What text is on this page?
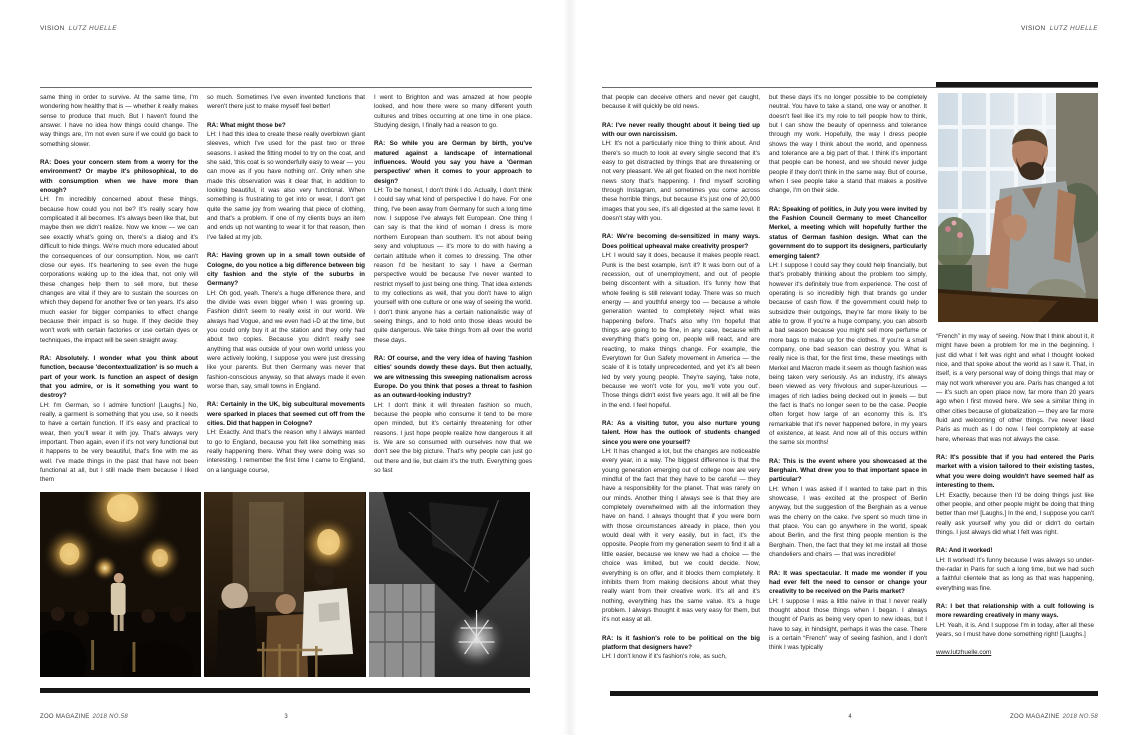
VISION LUTZ HUELLE

same thing in order to survive. At the same time, I'm wondering how healthy that is — whether it really makes sense to produce that much. But I haven't found the answer. I have no idea how things could change. The way things are, I'm not even sure if we could go back to something slower.

RA: Does your concern stem from a worry for the environment? Or maybe it's philosophical, to do with consumption when we have more than enough?

LH: I'm incredibly concerned about these things, because how could you not be? It's really scary how complicated it all becomes. It's always been like that, but maybe then we didn't realize. Now we know — we can see exactly what's going on, there's a dialog and it's difficult to hide things. We're much more educated about the consequences of our consumption. Now, we can't close our eyes. It's heartening to see even the huge corporations waking up to the idea that, not only will these changes help them to sell more, but these changes are vital if they are to sustain the sources on which they depend for another five or ten years. It's also much easier for bigger companies to effect change because their impact is so huge. If they decide they won't work with certain factories or use certain dyes or techniques, the impact will be seen straight away.

RA: Absolutely. I wonder what you think about function, because 'decontextualization' is so much a part of your work. Is function an aspect of design that you admire, or is it something you want to destroy?

LH: I'm German, so I admire function! [Laughs.] No, really, a garment is something that you use, so it needs to have a certain function. If it's easy and practical to wear, then you'll wear it with joy. That's always very important. Then again, even if it's not very functional but it happens to be very beautiful, that's fine with me as well. I've made things in the past that have not been functional at all, but I still made them because I liked them

so much. Sometimes I've even invented functions that weren't there just to make myself feel better!

RA: What might those be?

LH: I had this idea to create these really overblown giant sleeves, which I've used for the past two or three seasons. I asked the fitting model to try on the coat, and she said, 'this coat is so wonderfully easy to wear — you can move as if you have nothing on'. Only when she made this observation was it clear that, in addition to looking beautiful, it was also very functional. When something is frustrating to get into or wear, I don't get quite the same joy from wearing that piece of clothing, and that's a problem. If one of my clients buys an item and ends up not wanting to wear it for that reason, then I've failed at my job.

RA: Having grown up in a small town outside of Cologne, do you notice a big difference between big city fashion and the style of the suburbs in Germany?

LH: Oh god, yeah. There's a huge difference there, and the divide was even bigger when I was growing up. Fashion didn't seem to really exist in our world. We always had Vogue, and we even had i-D at the time, but you could only buy it at the station and they only had about two copies. Because you didn't really see anything that was outside of your own world unless you were actively looking, I suppose you were just dressing like your parents. But then Germany was never that fashion-conscious anyway, so that always made it even worse than, say, small towns in England.

RA: Certainly in the UK, big subcultural movements were sparked in places that seemed cut off from the cities. Did that happen in Cologne?

LH: Exactly. And that's the reason why I always wanted to go to England, because you felt like something was really happening there. What they were doing was so interesting. I remember the first time I came to England, on a language course,

I went to Brighton and was amazed at how people looked, and how there were so many different youth cultures and tribes occurring at one time in one place. Studying design, I finally had a reason to go.

RA: So while you are German by birth, you've matured against a landscape of international influences. Would you say you have a 'German perspective' when it comes to your approach to design?

LH: To be honest, I don't think I do. Actually, I don't think I could say what kind of perspective I do have. For one thing, I've been away from Germany for such a long time now. I suppose I've always felt European. One thing I can say is that the kind of woman I dress is more northern European than southern. It's not about being sexy and voluptuous — it's more to do with having a certain attitude when it comes to dressing. The other reason I'd be hesitant to say I have a German perspective would be because I've never wanted to restrict myself to just being one thing. That idea extends to my collections as well, that you don't have to align yourself with one culture or one way of seeing the world. I don't think anyone has a certain nationalistic way of seeing things, and to hold onto those ideas would be quite dangerous. We take things from all over the world these days.

RA: Of course, and the very idea of having 'fashion cities' sounds dowdy these days. But then actually, we are witnessing this sweeping nationalism across Europe. Do you think that poses a threat to fashion as an outward-looking industry?

LH: I don't think it will threaten fashion so much, because the people who consume it tend to be more open minded, but it's certainly threatening for other reasons. I just hope people realize how dangerous it all is. We are so consumed with ourselves now that we don't see the big picture. That's why people can just go out there and lie, but claim it's the truth. Everything goes so fast

ZOO MAGAZINE 2018 NO.58	3
VISION LUTZ HUELLE

that people can deceive others and never get caught, because it will quickly be old news.

RA: I've never really thought about it being tied up with our own narcissism.

LH: It's not a particularly nice thing to think about. And there's so much to look at every single second that it's easy to get distracted by things that are threatening or not very pleasant. We all get fixated on the next horrible news story that's happening. I find myself scrolling through Instagram, and sometimes you come across these horrible things, but because it's just one of 20,000 images that you see, it's all digested at the same level. It doesn't stay with you.

RA: We're becoming de-sensitized in many ways. Does political upheaval make creativity prosper?

LH: I would say it does, because it makes people react. Punk is the best example, isn't it? It was born out of a recession, out of unemployment, and out of people being discontent with a situation. It's funny how that whole feeling is still relevant today. There was so much energy — and youthful energy too — because a whole generation wanted to completely reject what was happening before. That's also why I'm hopeful that things are going to be fine, in any case, because with everything that's going on, people will react, and are reacting, to make things change. For example, the Everytown for Gun Safety movement in America — the scale of it is totally unprecedented, and yet it's all been led by very young people. They're saying, 'take note, because we won't vote for you, we'll vote you out'. Those things didn't exist five years ago. It will all be fine in the end. I feel hopeful.

RA: As a visiting tutor, you also nurture young talent. How has the outlook of students changed since you were one yourself?

LH: It has changed a lot, but the changes are noticeable every year, in a way. The biggest difference is that the young generation emerging out of college now are very mindful of the fact that they have to be careful — they have a responsibility for the planet. That was rarely on our minds. Another thing I always see is that they are completely overwhelmed with all the information they have on hand. I always thought that if you were born with those circumstances already in place, then you would deal with it very easily, but in fact, it's the opposite. People from my generation seem to find it all a little easier, because we knew we had a choice — the choice was limited, but we could decide. Now, everything is on offer, and it blocks them completely. It inhibits them from making decisions about what they really want from their creative work. It's all and it's nothing, everything has the same value. It's a huge problem. I always thought it was very easy for them, but it's not easy at all.

RA: Is it fashion's role to be political on the big platform that designers have?

LH: I don't know if it's fashion's role, as such,

but these days it's no longer possible to be completely neutral. You have to take a stand, one way or another. It doesn't feel like it's my role to tell people how to think, but I can show the beauty of openness and tolerance through my work. Hopefully, the way I dress people shows the way I think about the world, and openness and tolerance are a big part of that. I think it's important that people can be honest, and we should never judge people if they don't think in the same way. But of course, when I see people take a stand that makes a positive change, I'm on their side.

RA: Speaking of politics, in July you were invited by the Fashion Council Germany to meet Chancellor Merkel, a meeting which will hopefully further the status of German fashion design. What can the government do to support its designers, particularly emerging talent?

LH: I suppose I could say they could help financially, but that's probably thinking about the problem too simply, however it's definitely true from experience. The cost of operating is so incredibly high that brands go under because of cash flow. If the government could help to subsidize their outgoings, they're far more likely to be able to grow. If you're a huge company, you can absorb a bad season because you might sell more perfume or more bags to make up for the clothes. If you're a small company, one bad season can destroy you. What is really nice is that, for the first time, these meetings with Merkel and Macron made it seem as though fashion was being taken very seriously. As an industry, it's always been viewed as very frivolous and super-luxurious — images of rich ladies being decked out in jewels — but the fact is that's no longer seen to be the case. People often forget how large of an economy this is. It's remarkable that it's never happened before, in my years of existence, at least. And now all of this occurs within the same six months!

RA: This is the event where you showcased at the Berghain. What drew you to that important space in particular?

LH: When I was asked if I wanted to take part in this showcase, I was excited at the prospect of Berlin anyway, but the suggestion of the Berghain as a venue was the cherry on the cake. I've spent so much time in that place. You can go anywhere in the world, speak about Berlin, and the first thing people mention is the Berghain. Then, the fact that they let me install all those chandeliers and chairs — that was incredible!

RA: It was spectacular. It made me wonder if you had ever felt the need to censor or change your creativity to be received on the Paris market?

LH: I suppose I was a little naïve in that I never really thought about those things when I began. I always thought of Paris as being very open to new ideas, but I have to say, in hindsight, perhaps it was the case. There is a certain “French” way of seeing fashion, and I don't think I was typically

“French” in my way of seeing. Now that I think about it, it might have been a problem for me in the beginning. I just did what I felt was right and what I thought looked nice, and that spoke about the world as I saw it. That, in itself, is a very personal way of doing things that may or may not work wherever you are. Paris has changed a lot — it's such an open place now, far more than 20 years ago when I first moved here. We see a similar thing in other cities because of globalization — they are far more fluid and welcoming of other things. I've never liked Paris as much as I do now. I feel completely at ease here, whereas that was not always the case.

RA: It's possible that if you had entered the Paris market with a vision tailored to their existing tastes, what you were doing wouldn't have seemed half as interesting to them.

LH: Exactly, because then I'd be doing things just like other people, and other people might be doing that thing better than me! [Laughs.] In the end, I suppose you can't really ask yourself why you did or didn't do certain things. I just always did what I felt was right.

RA: And it worked!

LH: It worked! It's funny because I was always so under-the-radar in Paris for such a long time, but we had such a faithful clientele that as long as that was happening, everything was fine.

RA: I bet that relationship with a cult following is more rewarding creatively in many ways.

LH: Yeah, it is. And I suppose I'm in today, after all these years, so I must have done something right! [Laughs.]

www.lutzhuelle.com
4	ZOO MAGAZINE 2018 NO.58
